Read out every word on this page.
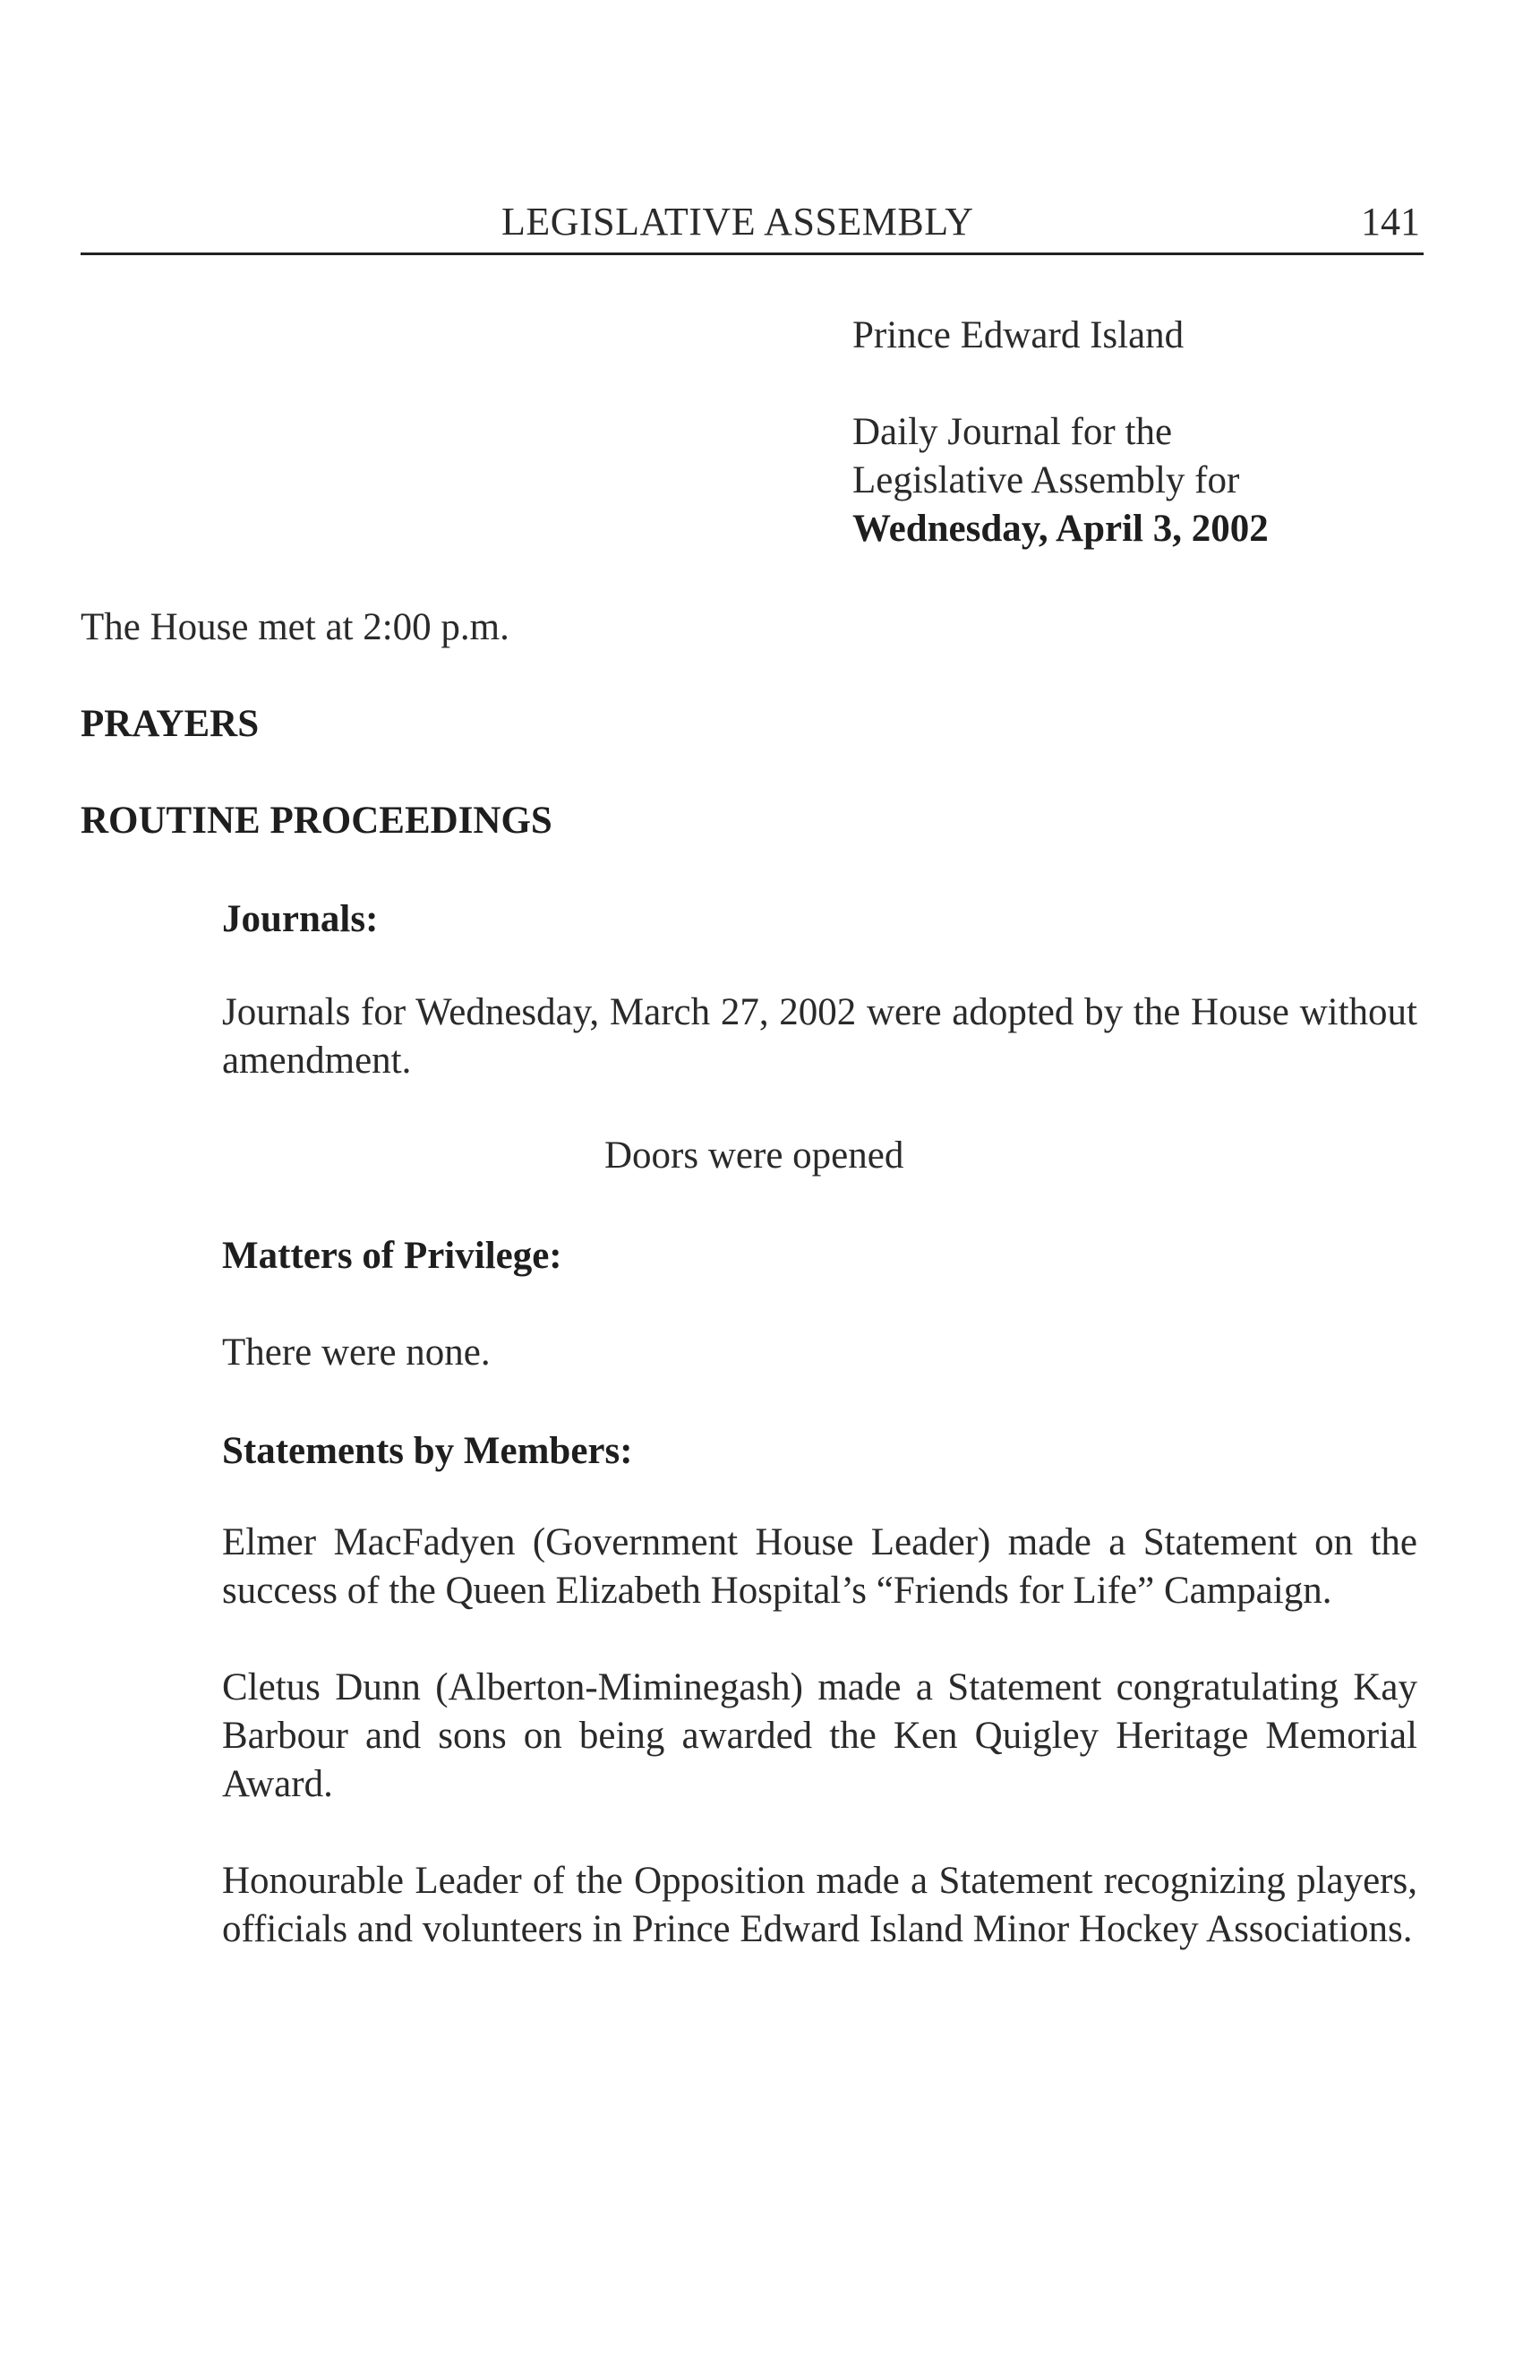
LEGISLATIVE ASSEMBLY	141
Prince Edward Island
Daily Journal for the
Legislative Assembly for
Wednesday, April 3, 2002
The House met at 2:00 p.m.
PRAYERS
ROUTINE PROCEEDINGS
Journals:
Journals for Wednesday, March 27, 2002 were adopted by the House without amendment.
Doors were opened
Matters of Privilege:
There were none.
Statements by Members:
Elmer MacFadyen (Government House Leader) made a Statement on the success of the Queen Elizabeth Hospital’s “Friends for Life” Campaign.
Cletus Dunn (Alberton-Miminegash) made a Statement congratulating Kay Barbour and sons on being awarded the Ken Quigley Heritage Memorial Award.
Honourable Leader of the Opposition made a Statement recognizing players, officials and volunteers in Prince Edward Island Minor Hockey Associations.
